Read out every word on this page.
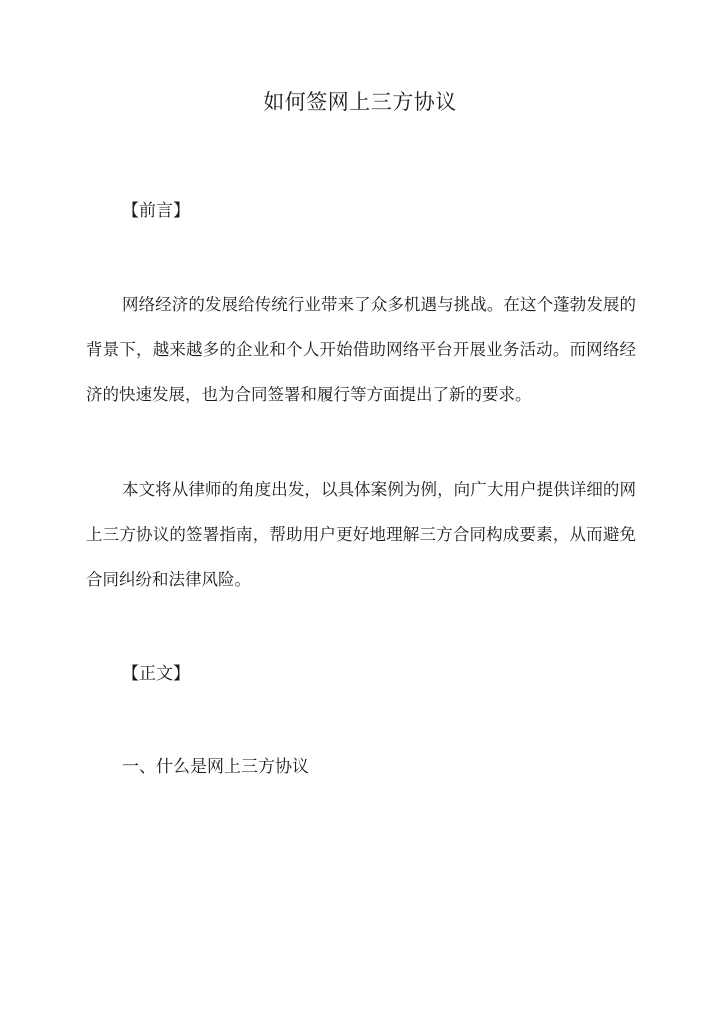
如何签网上三方协议

【前言】

网络经济的发展给传统行业带来了众多机遇与挑战。在这个蓬勃发展的背景下，越来越多的企业和个人开始借助网络平台开展业务活动。而网络经济的快速发展，也为合同签署和履行等方面提出了新的要求。

本文将从律师的角度出发，以具体案例为例，向广大用户提供详细的网上三方协议的签署指南，帮助用户更好地理解三方合同构成要素，从而避免合同纠纷和法律风险。

【正文】

一、什么是网上三方协议
